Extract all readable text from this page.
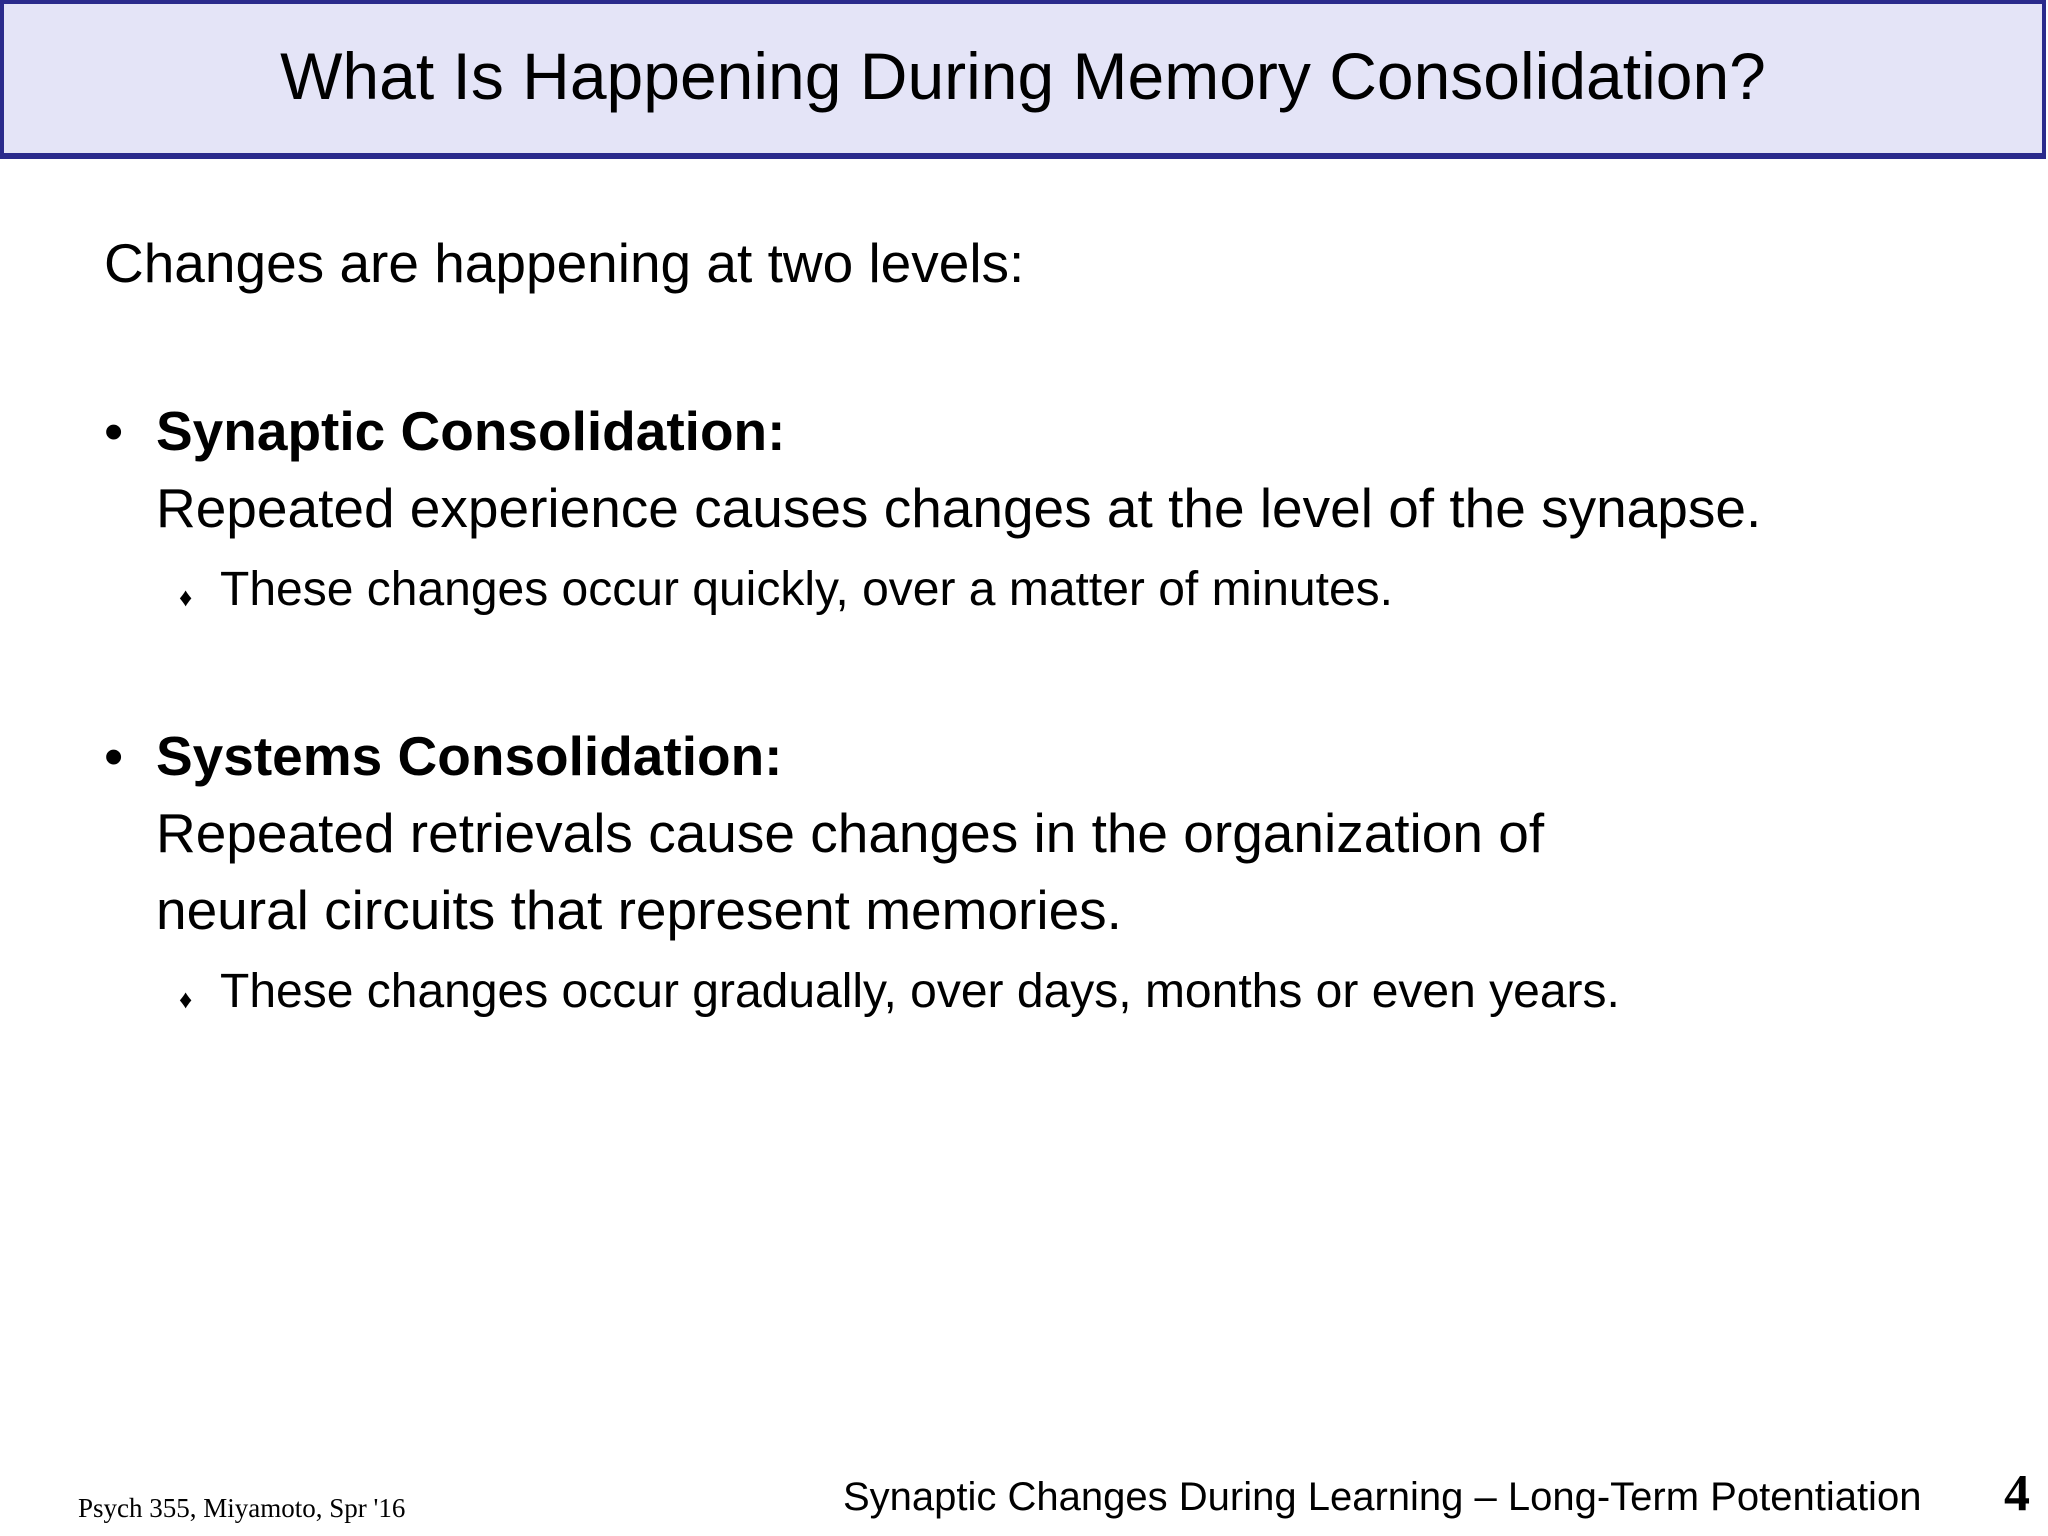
What Is Happening During Memory Consolidation?
Changes are happening at two levels:
• Synaptic Consolidation:
Repeated experience causes changes at the level of the synapse.
♦ These changes occur quickly, over a matter of minutes.
• Systems Consolidation:
Repeated retrievals cause changes in the organization of
neural circuits that represent memories.
♦ These changes occur gradually, over days, months or even years.
Psych 355, Miyamoto, Spr '16	Synaptic Changes During Learning – Long-Term Potentiation 4
